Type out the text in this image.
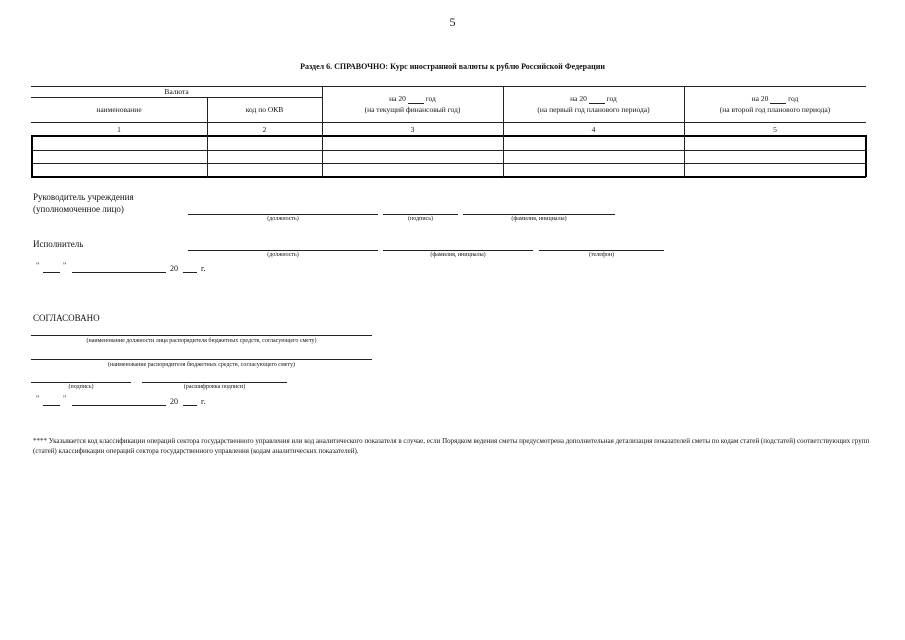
5
Раздел 6. СПРАВОЧНО: Курс иностранной валюты к рублю Российской Федерации
Валюта
наименование	код по ОКВ
на 20	год
(на текущий финансовый год)
на 20	год
(на первый год планового периода)
на 20	год
(на второй год планового периода)
1	2	3	4	5
Руководитель учреждения
(уполномоченное лицо)
(должность)	(подпись)	(фамилия, инициалы)
Исполнитель
(должность)	(фамилия, инициалы)	(телефон)
"	"	20	г.
СОГЛАСОВАНО
(наименование должности лица распорядителя бюджетных средств, согласующего смету)
(наименование распорядителя бюджетных средств, согласующего смету)
(подпись)	(расшифровка подписи)
"	"	20	г.
**** Указывается код классификации операций сектора государственного управления или код аналитического показателя в случае, если Порядком ведения сметы предусмотрена дополнительная детализация показателей сметы по кодам статей (подстатей) соответствующих групп (статей) классификации операций сектора государственного управления (кодам аналитических показателей).
